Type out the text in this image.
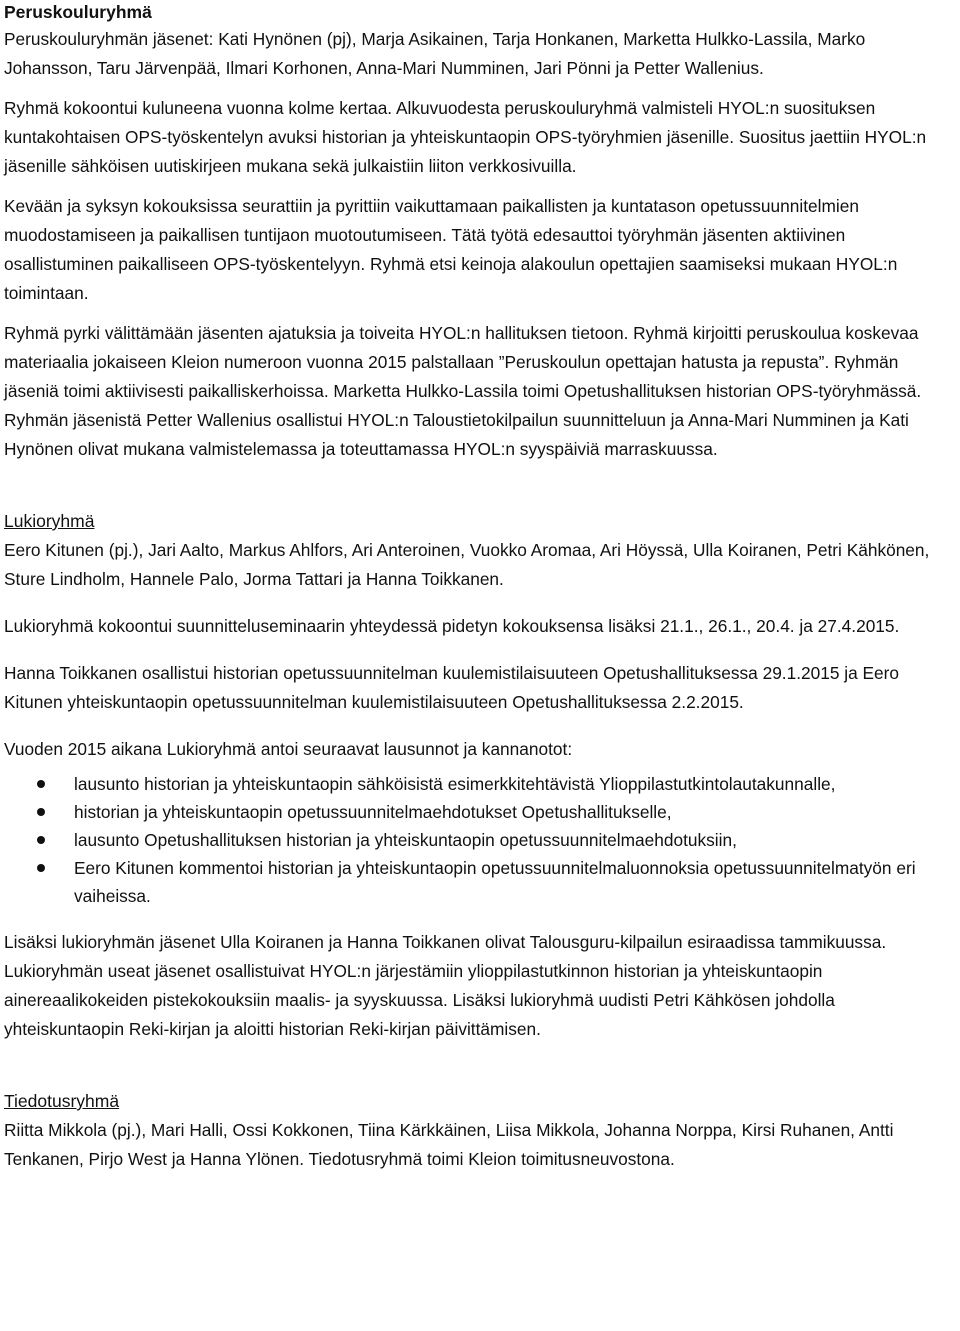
Peruskouluryhmä

Peruskouluryhmän jäsenet: Kati Hynönen (pj), Marja Asikainen, Tarja Honkanen, Marketta Hulkko-Lassila, Marko Johansson, Taru Järvenpää, Ilmari Korhonen, Anna-Mari Numminen, Jari Pönni ja Petter Wallenius.

Ryhmä kokoontui kuluneena vuonna kolme kertaa. Alkuvuodesta peruskouluryhmä valmisteli HYOL:n suosituksen kuntakohtaisen OPS-työskentelyn avuksi historian ja yhteiskuntaopin OPS-työryhmien jäsenille. Suositus jaettiin HYOL:n jäsenille sähköisen uutiskirjeen mukana sekä julkaistiin liiton verkkosivuilla.

Kevään ja syksyn kokouksissa seurattiin ja pyrittiin vaikuttamaan paikallisten ja kuntatason opetussuunnitelmien muodostamiseen ja paikallisen tuntijaon muotoutumiseen. Tätä työtä edesauttoi työryhmän jäsenten aktiivinen osallistuminen paikalliseen OPS-työskentelyyn. Ryhmä etsi keinoja alakoulun opettajien saamiseksi mukaan HYOL:n toimintaan.

Ryhmä pyrki välittämään jäsenten ajatuksia ja toiveita HYOL:n hallituksen tietoon. Ryhmä kirjoitti peruskoulua koskevaa materiaalia jokaiseen Kleion numeroon vuonna 2015 palstallaan ”Peruskoulun opettajan hatusta ja repusta”. Ryhmän jäseniä toimi aktiivisesti paikalliskerhoissa. Marketta Hulkko-Lassila toimi Opetushallituksen historian OPS-työryhmässä. Ryhmän jäsenistä Petter Wallenius osallistui HYOL:n Taloustietokilpailun suunnitteluun ja Anna-Mari Numminen ja Kati Hynönen olivat mukana valmistelemassa ja toteuttamassa HYOL:n syyspäiviä marraskuussa.

Lukioryhmä

Eero Kitunen (pj.), Jari Aalto, Markus Ahlfors, Ari Anteroinen, Vuokko Aromaa, Ari Höyssä, Ulla Koiranen, Petri Kähkönen, Sture Lindholm, Hannele Palo, Jorma Tattari ja Hanna Toikkanen.

Lukioryhmä kokoontui suunnitteluseminaarin yhteydessä pidetyn kokouksensa lisäksi 21.1., 26.1., 20.4. ja 27.4.2015.

Hanna Toikkanen osallistui historian opetussuunnitelman kuulemistilaisuuteen Opetushallituksessa 29.1.2015 ja Eero Kitunen yhteiskuntaopin opetussuunnitelman kuulemistilaisuuteen Opetushallituksessa 2.2.2015.

Vuoden 2015 aikana Lukioryhmä antoi seuraavat lausunnot ja kannanotot:

lausunto historian ja yhteiskuntaopin sähköisistä esimerkkitehtävistä Ylioppilastutkintolautakunnalle,
historian ja yhteiskuntaopin opetussuunnitelmaehdotukset Opetushallitukselle,
lausunto Opetushallituksen historian ja yhteiskuntaopin opetussuunnitelmaehdotuksiin,
Eero Kitunen kommentoi historian ja yhteiskuntaopin opetussuunnitelmaluonnoksia opetussuunnitelmatyön eri vaiheissa.

Lisäksi lukioryhmän jäsenet Ulla Koiranen ja Hanna Toikkanen olivat Talousguru-kilpailun esiraadissa tammikuussa. Lukioryhmän useat jäsenet osallistuivat HYOL:n järjestämiin ylioppilastutkinnon historian ja yhteiskuntaopin ainereaalikokeiden pistekokouksiin maalis- ja syyskuussa. Lisäksi lukioryhmä uudisti Petri Kähkösen johdolla yhteiskuntaopin Reki-kirjan ja aloitti historian Reki-kirjan päivittämisen.

Tiedotusryhmä

Riitta Mikkola (pj.), Mari Halli, Ossi Kokkonen, Tiina Kärkkäinen, Liisa Mikkola, Johanna Norppa, Kirsi Ruhanen, Antti Tenkanen, Pirjo West ja Hanna Ylönen. Tiedotusryhmä toimi Kleion toimitusneuvostona.
